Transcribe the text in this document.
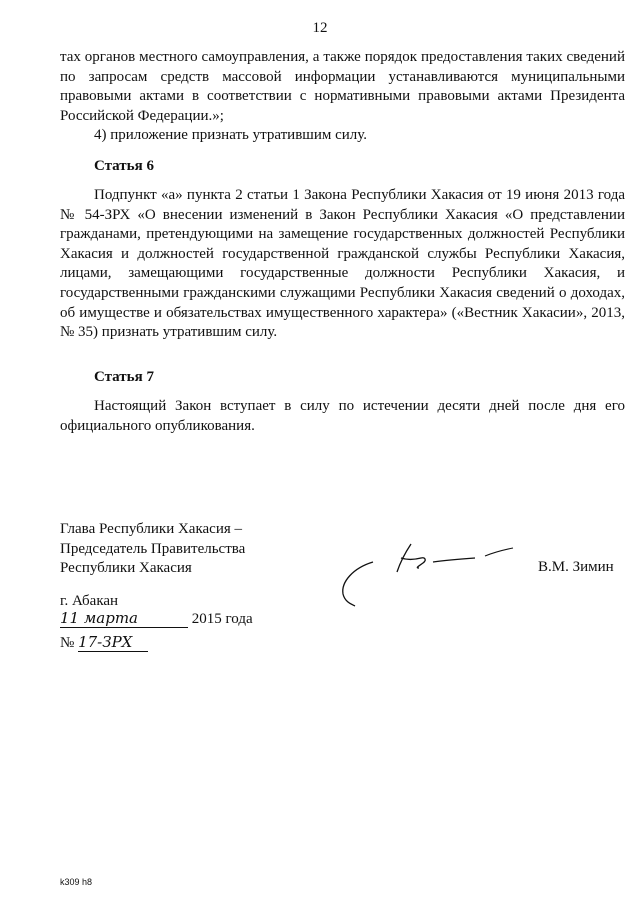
12

тах органов местного самоуправления, а также порядок предоставления таких сведений по запросам средств массовой информации устанавливаются муниципальными правовыми актами в соответствии с нормативными правовыми актами Президента Российской Федерации.»;

4) приложение признать утратившим силу.

Статья 6

Подпункт «а» пункта 2 статьи 1 Закона Республики Хакасия от 19 июня 2013 года № 54-ЗРХ «О внесении изменений в Закон Республики Хакасия «О представлении гражданами, претендующими на замещение государственных должностей Республики Хакасия и должностей государственной гражданской службы Республики Хакасия, лицами, замещающими государственные должности Республики Хакасия, и государственными гражданскими служащими Республики Хакасия сведений о доходах, об имуществе и обязательствах имущественного характера» («Вестник Хакасии», 2013, № 35) признать утратившим силу.

Статья 7

Настоящий Закон вступает в силу по истечении десяти дней после дня его официального опубликования.

Глава Республики Хакасия –
Председатель Правительства
Республики Хакасия	В.М. Зимин
г. Абакан
11 марта	2015 года
№ 17-ЗРХ
k309 h8
